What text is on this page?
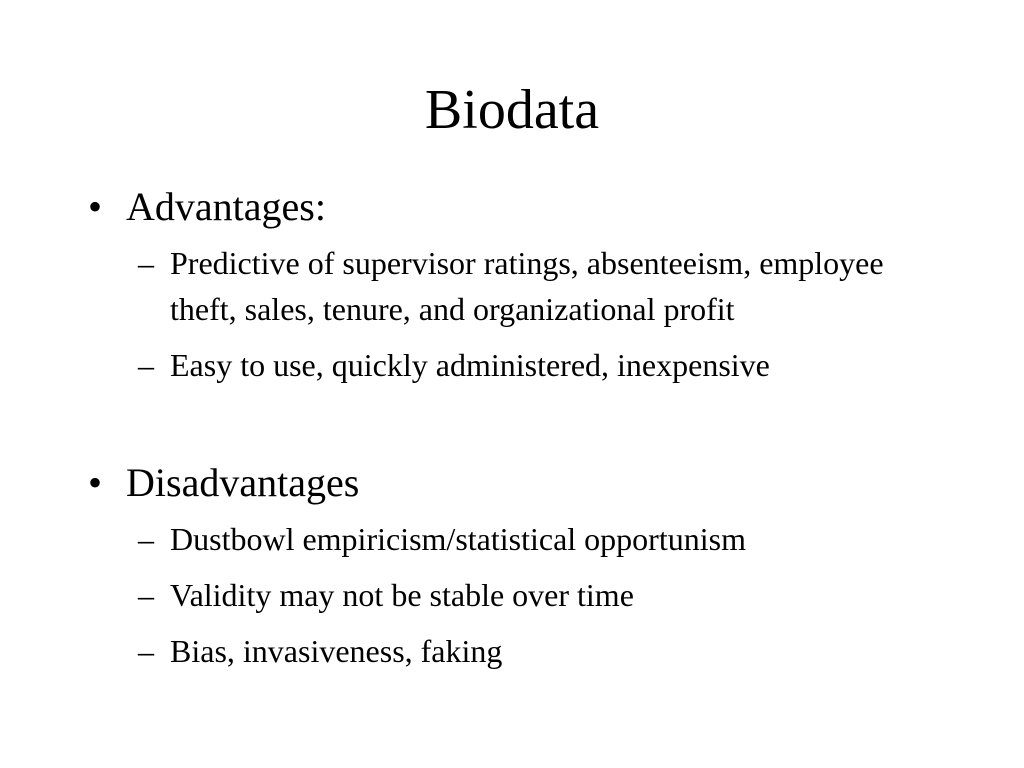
Biodata
• Advantages:
– Predictive of supervisor ratings, absenteeism, employee theft, sales, tenure, and organizational profit
– Easy to use, quickly administered, inexpensive
• Disadvantages
– Dustbowl empiricism/statistical opportunism
– Validity may not be stable over time
– Bias, invasiveness, faking
